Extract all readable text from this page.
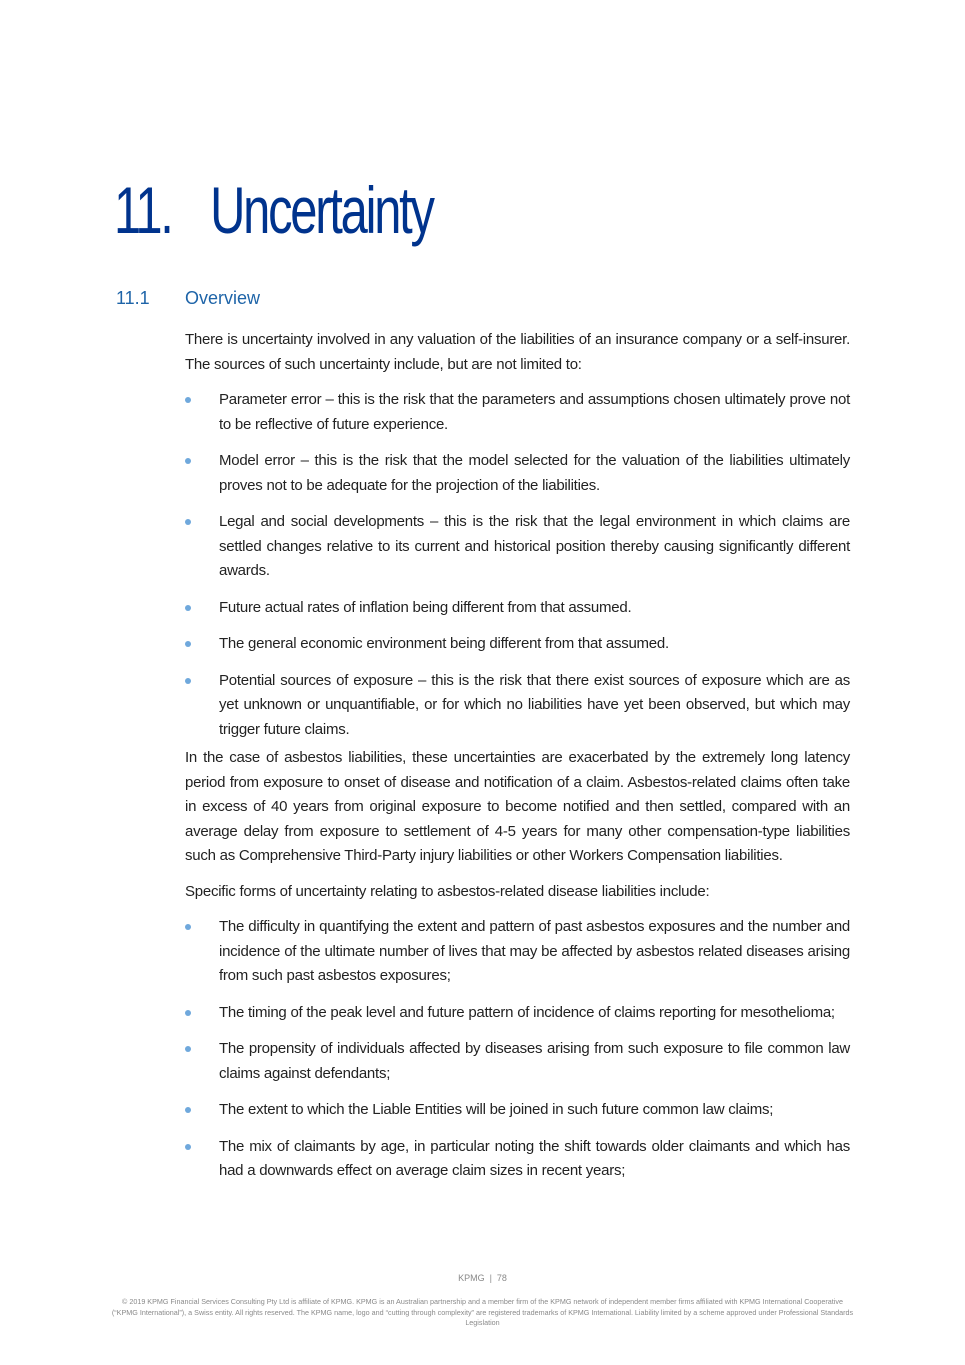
11. Uncertainty
11.1	Overview

There is uncertainty involved in any valuation of the liabilities of an insurance company or a self-insurer. The sources of such uncertainty include, but are not limited to:

Parameter error – this is the risk that the parameters and assumptions chosen ultimately prove not to be reflective of future experience.
Model error – this is the risk that the model selected for the valuation of the liabilities ultimately proves not to be adequate for the projection of the liabilities.
Legal and social developments – this is the risk that the legal environment in which claims are settled changes relative to its current and historical position thereby causing significantly different awards.
Future actual rates of inflation being different from that assumed.
The general economic environment being different from that assumed.
Potential sources of exposure – this is the risk that there exist sources of exposure which are as yet unknown or unquantifiable, or for which no liabilities have yet been observed, but which may trigger future claims.

In the case of asbestos liabilities, these uncertainties are exacerbated by the extremely long latency period from exposure to onset of disease and notification of a claim. Asbestos-related claims often take in excess of 40 years from original exposure to become notified and then settled, compared with an average delay from exposure to settlement of 4-5 years for many other compensation-type liabilities such as Comprehensive Third-Party injury liabilities or other Workers Compensation liabilities.

Specific forms of uncertainty relating to asbestos-related disease liabilities include:

The difficulty in quantifying the extent and pattern of past asbestos exposures and the number and incidence of the ultimate number of lives that may be affected by asbestos related diseases arising from such past asbestos exposures;
The timing of the peak level and future pattern of incidence of claims reporting for mesothelioma;
The propensity of individuals affected by diseases arising from such exposure to file common law claims against defendants;
The extent to which the Liable Entities will be joined in such future common law claims;
The mix of claimants by age, in particular noting the shift towards older claimants and which has had a downwards effect on average claim sizes in recent years;
KPMG  |  78
© 2019 KPMG Financial Services Consulting Pty Ltd is affiliate of KPMG. KPMG is an Australian partnership and a member firm of the KPMG network of independent member firms affiliated with KPMG International Cooperative (“KPMG International”), a Swiss entity. All rights reserved. The KPMG name, logo and “cutting through complexity” are registered trademarks of KPMG International. Liability limited by a scheme approved under Professional Standards Legislation
